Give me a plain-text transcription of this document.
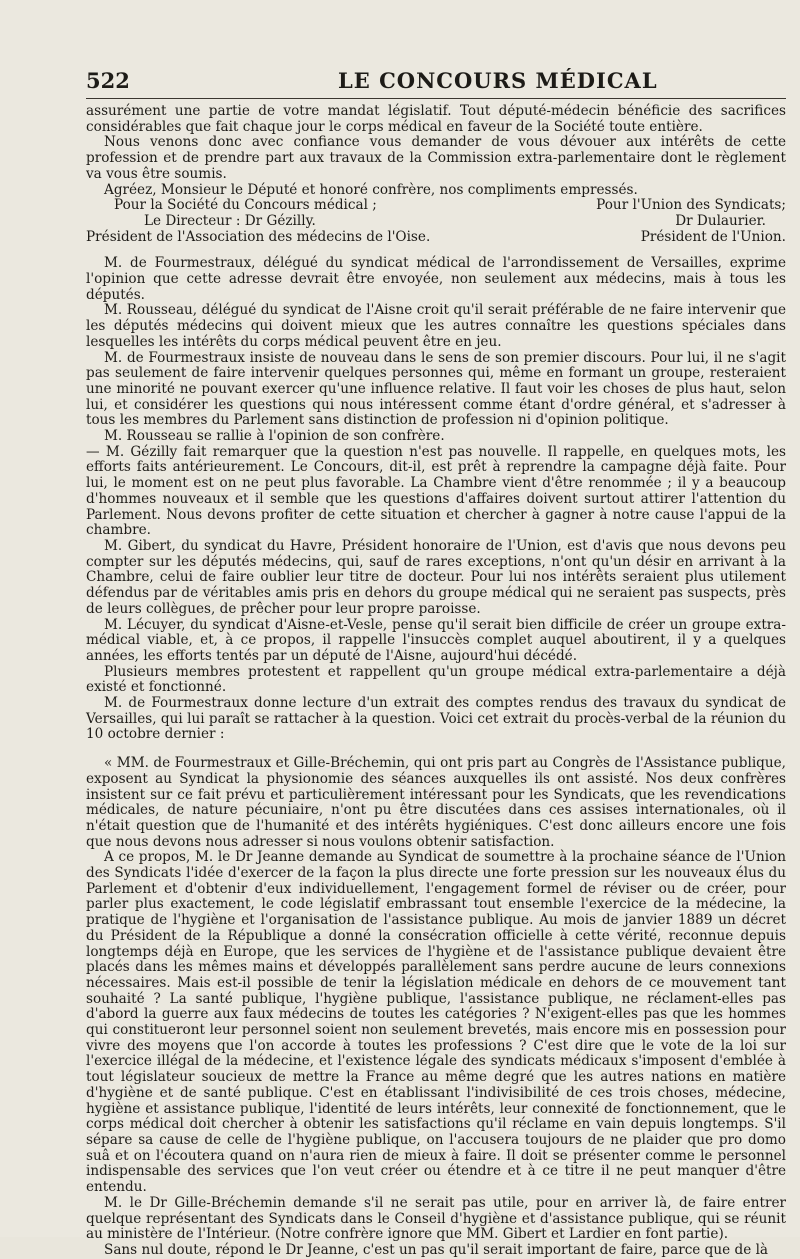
522	LE CONCOURS MÉDICAL

assurément une partie de votre mandat législatif. Tout député-médecin bénéficie des sacrifices considérables que fait chaque jour le corps médical en faveur de la Société toute entière.

Nous venons donc avec confiance vous demander de vous dévouer aux intérêts de cette profession et de prendre part aux travaux de la Commission extra-parlementaire dont le règlement va vous être soumis.

Agréez, Monsieur le Député et honoré confrère, nos compliments empressés.

Pour la Société du Concours médical ;	Pour l'Union des Syndicats;
Le Directeur : Dr Gézilly.	Dr Dulaurier.
Président de l'Association des médecins de l'Oise.	Président de l'Union.

M. de Fourmestraux, délégué du syndicat médical de l'arrondissement de Versailles, exprime l'opinion que cette adresse devrait être envoyée, non seulement aux médecins, mais à tous les députés.

M. Rousseau, délégué du syndicat de l'Aisne croit qu'il serait préférable de ne faire intervenir que les députés médecins qui doivent mieux que les autres connaître les questions spéciales dans lesquelles les intérêts du corps médical peuvent être en jeu.

M. de Fourmestraux insiste de nouveau dans le sens de son premier discours. Pour lui, il ne s'agit pas seulement de faire intervenir quelques personnes qui, même en formant un groupe, resteraient une minorité ne pouvant exercer qu'une influence relative. Il faut voir les choses de plus haut, selon lui, et considérer les questions qui nous intéressent comme étant d'ordre général, et s'adresser à tous les membres du Parlement sans distinction de profession ni d'opinion politique.

M. Rousseau se rallie à l'opinion de son confrère.

— M. Gézilly fait remarquer que la question n'est pas nouvelle. Il rappelle, en quelques mots, les efforts faits antérieurement. Le Concours, dit-il, est prêt à reprendre la campagne déjà faite. Pour lui, le moment est on ne peut plus favorable. La Chambre vient d'être renommée ; il y a beaucoup d'hommes nouveaux et il semble que les questions d'affaires doivent surtout attirer l'attention du Parlement. Nous devons profiter de cette situation et chercher à gagner à notre cause l'appui de la chambre.

M. Gibert, du syndicat du Havre, Président honoraire de l'Union, est d'avis que nous devons peu compter sur les députés médecins, qui, sauf de rares exceptions, n'ont qu'un désir en arrivant à la Chambre, celui de faire oublier leur titre de docteur. Pour lui nos intérêts seraient plus utilement défendus par de véritables amis pris en dehors du groupe médical qui ne seraient pas suspects, près de leurs collègues, de prêcher pour leur propre paroisse.

M. Lécuyer, du syndicat d'Aisne-et-Vesle, pense qu'il serait bien difficile de créer un groupe extra-médical viable, et, à ce propos, il rappelle l'insuccès complet auquel aboutirent, il y a quelques années, les efforts tentés par un député de l'Aisne, aujourd'hui décédé.

Plusieurs membres protestent et rappellent qu'un groupe médical extra-parlementaire a déjà existé et fonctionné.

M. de Fourmestraux donne lecture d'un extrait des comptes rendus des travaux du syndicat de Versailles, qui lui paraît se rattacher à la question. Voici cet extrait du procès-verbal de la réunion du 10 octobre dernier :

« MM. de Fourmestraux et Gille-Bréchemin, qui ont pris part au Congrès de l'Assistance publique, exposent au Syndicat la physionomie des séances auxquelles ils ont assisté. Nos deux confrères insistent sur ce fait prévu et particulièrement intéressant pour les Syndicats, que les revendications médicales, de nature pécuniaire, n'ont pu être discutées dans ces assises internationales, où il n'était question que de l'humanité et des intérêts hygiéniques. C'est donc ailleurs encore une fois que nous devons nous adresser si nous voulons obtenir satisfaction.

A ce propos, M. le Dr Jeanne demande au Syndicat de soumettre à la prochaine séance de l'Union des Syndicats l'idée d'exercer de la façon la plus directe une forte pression sur les nouveaux élus du Parlement et d'obtenir d'eux individuellement, l'engagement formel de réviser ou de créer, pour parler plus exactement, le code législatif embrassant tout ensemble l'exercice de la médecine, la pratique de l'hygiène et l'organisation de l'assistance publique. Au mois de janvier 1889 un décret du Président de la République a donné la consécration officielle à cette vérité, reconnue depuis longtemps déjà en Europe, que les services de l'hygiène et de l'assistance publique devaient être placés dans les mêmes mains et développés parallèlement sans perdre aucune de leurs connexions nécessaires. Mais est-il possible de tenir la législation médicale en dehors de ce mouvement tant souhaité ? La santé publique, l'hygiène publique, l'assistance publique, ne réclament-elles pas d'abord la guerre aux faux médecins de toutes les catégories ? N'exigent-elles pas que les hommes qui constitueront leur personnel soient non seulement brevetés, mais encore mis en possession pour vivre des moyens que l'on accorde à toutes les professions ? C'est dire que le vote de la loi sur l'exercice illégal de la médecine, et l'existence légale des syndicats médicaux s'imposent d'emblée à tout législateur soucieux de mettre la France au même degré que les autres nations en matière d'hygiène et de santé publique. C'est en établissant l'indivisibilité de ces trois choses, médecine, hygiène et assistance publique, l'identité de leurs intérêts, leur connexité de fonctionnement, que le corps médical doit chercher à obtenir les satisfactions qu'il réclame en vain depuis longtemps. S'il sépare sa cause de celle de l'hygiène publique, on l'accusera toujours de ne plaider que pro domo suâ et on l'écoutera quand on n'aura rien de mieux à faire. Il doit se présenter comme le personnel indispensable des services que l'on veut créer ou étendre et à ce titre il ne peut manquer d'être entendu.

M. le Dr Gille-Bréchemin demande s'il ne serait pas utile, pour en arriver là, de faire entrer quelque représentant des Syndicats dans le Conseil d'hygiène et d'assistance publique, qui se réunit au ministère de l'Intérieur. (Notre confrère ignore que MM. Gibert et Lardier en font partie).

Sans nul doute, répond le Dr Jeanne, c'est un pas qu'il serait important de faire, parce que de là
